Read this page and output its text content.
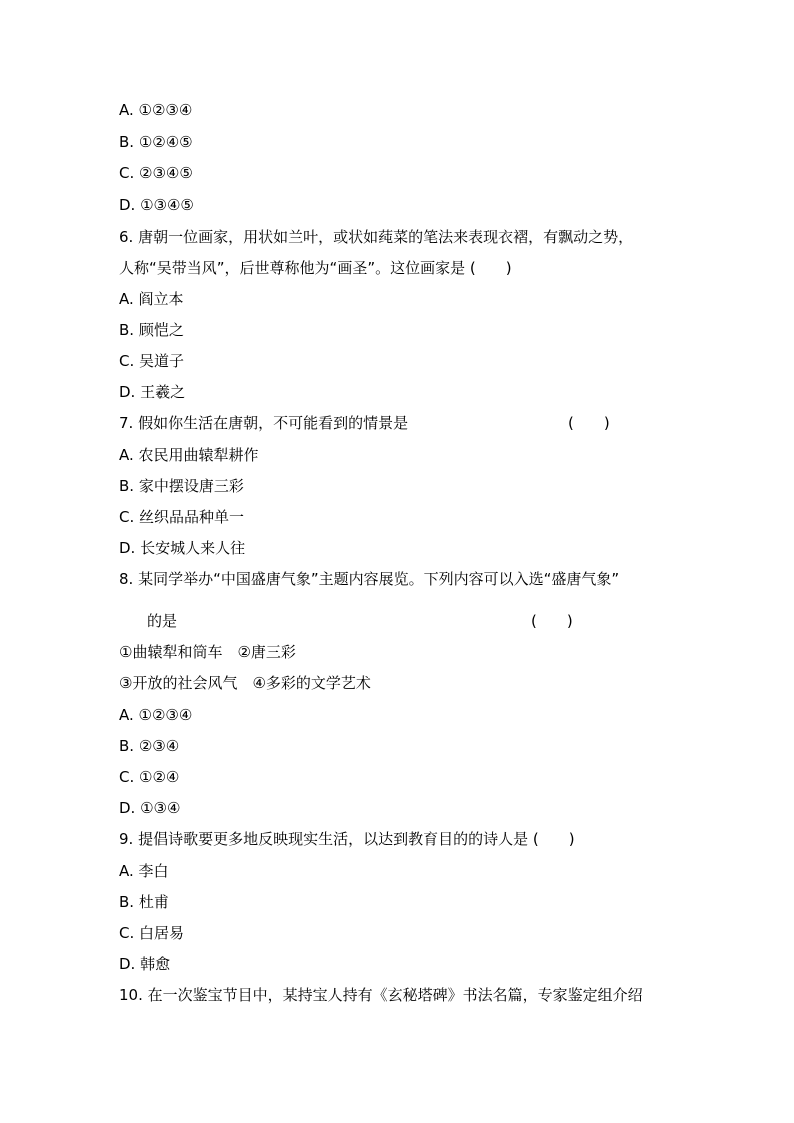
A. ①②③④
B. ①②④⑤
C. ②③④⑤
D. ①③④⑤
6. 唐朝一位画家，用状如兰叶，或状如莼菜的笔法来表现衣褶，有飘动之势，
人称“吴带当风”，后世尊称他为“画圣”。这位画家是 (　　)
A. 阎立本
B. 顾恺之
C. 吴道子
D. 王羲之
7. 假如你生活在唐朝，不可能看到的情景是	(　　)
A. 农民用曲辕犁耕作
B. 家中摆设唐三彩
C. 丝织品品种单一
D. 长安城人来人往
8. 某同学举办“中国盛唐气象”主题内容展览。下列内容可以入选“盛唐气象”
的是	(　　)
①曲辕犁和筒车　②唐三彩
③开放的社会风气　④多彩的文学艺术
A. ①②③④
B. ②③④
C. ①②④
D. ①③④
9. 提倡诗歌要更多地反映现实生活，以达到教育目的的诗人是 (　　)
A. 李白
B. 杜甫
C. 白居易
D. 韩愈
10. 在一次鉴宝节目中，某持宝人持有《玄秘塔碑》书法名篇，专家鉴定组介绍
